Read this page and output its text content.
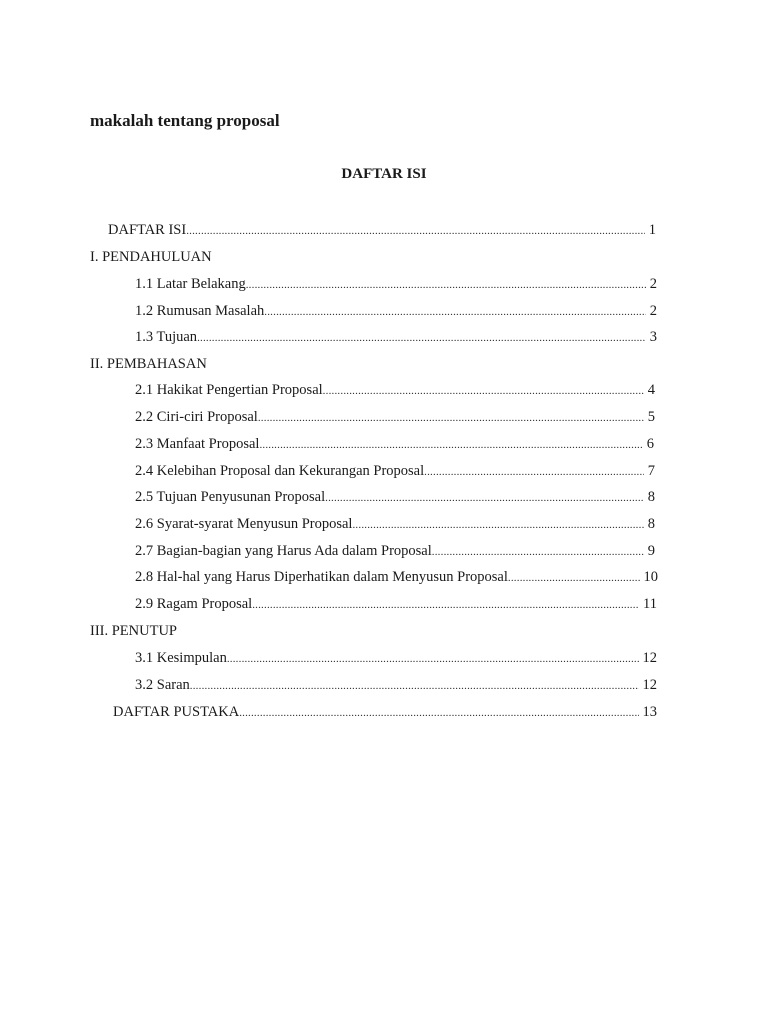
makalah tentang proposal
DAFTAR ISI
DAFTAR ISI .....	1
I. PENDAHULUAN
1.1 Latar Belakang .....	2
1.2 Rumusan Masalah .....	2
1.3 Tujuan .....	3
II. PEMBAHASAN
2.1 Hakikat Pengertian Proposal .....	4
2.2 Ciri-ciri Proposal .....	5
2.3 Manfaat Proposal .....	6
2.4 Kelebihan Proposal dan Kekurangan Proposal .....	7
2.5 Tujuan Penyusunan Proposal .....	8
2.6 Syarat-syarat Menyusun Proposal .....	8
2.7 Bagian-bagian yang Harus Ada dalam Proposal .....	9
2.8 Hal-hal yang Harus Diperhatikan dalam Menyusun Proposal .....	10
2.9 Ragam Proposal .....	11
III. PENUTUP
3.1 Kesimpulan .....	12
3.2 Saran .....	12
DAFTAR PUSTAKA .....	13
